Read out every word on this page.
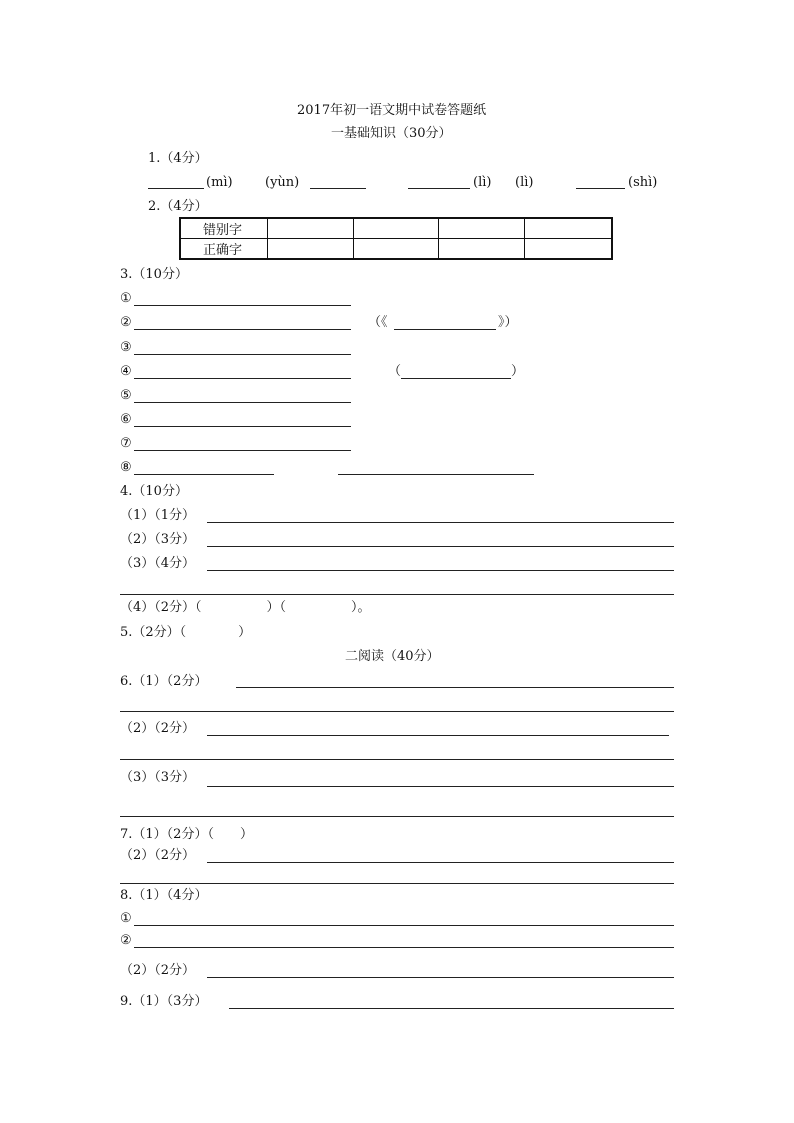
2017年初一语文期中试卷答题纸
一基础知识（30分）
1.（4分）
(mì) (yùn)	(lì) (lì)	(shì)
2.（4分）
错别字				
正确字				
3.（10分）
①
②	（《	》）
③
④	（	）
⑤
⑥
⑦
⑧
4.（10分）
（1）（1分）
（2）（3分）
（3）（4分）
（4）（2分）（　　　　　）（　　　　　）。
5.（2分）（　　　　）
二阅读（40分）
6.（1）（2分）
（2）（2分）
（3）（3分）
7.（1）（2分）（　　）
（2）（2分）
8.（1）（4分）
①
②
（2）（2分）
9.（1）（3分）
